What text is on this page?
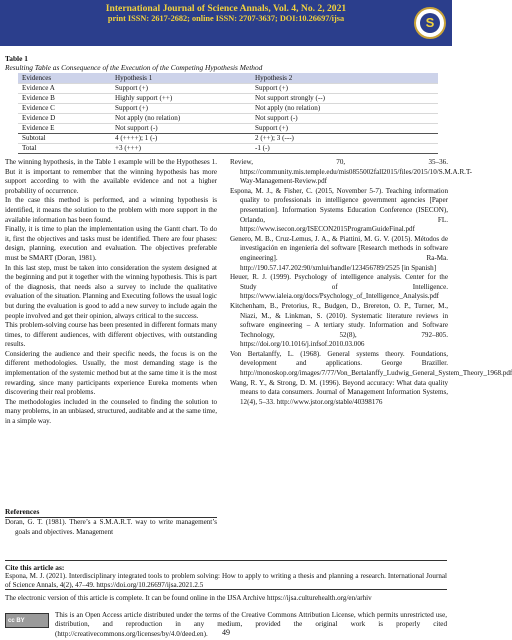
International Journal of Science Annals, Vol. 4, No. 2, 2021
print ISSN: 2617-2682; online ISSN: 2707-3637; DOI:10.26697/ijsa	S
Table 1
Resulting Table as Consequence of the Execution of the Competing Hypothesis Method
Evidences	Hypothesis 1	Hypothesis 2
Evidence A	Support (+)	Support (+)
Evidence B	Highly support (++)	Not support strongly (--)
Evidence C	Support (+)	Not apply (no relation)
Evidence D	Not apply (no relation)	Not support (-)
Evidence E	Not support (-)	Support (+)
Subtotal	4 (++++); 1 (-)	2 (++); 3 (---)
Total	+3 (+++)	-1 (-)

The winning hypothesis, in the Table 1 example will be the Hypotheses 1. But it is important to remember that the winning hypothesis has more support according to with the available evidence and not a higher probability of occurrence.

In the case this method is performed, and a winning hypothesis is identified, it means the solution to the problem with more support in the available information has been found.

Finally, it is time to plan the implementation using the Gantt chart. To do it, first the objectives and tasks must be identified. There are four phases: design, planning, execution and evaluation. The objectives preferable must be SMART (Doran, 1981).

In this last step, must be taken into consideration the system designed at the beginning and put it together with the winning hypothesis. This is part of the diagnosis, that needs also a survey to include the qualitative evaluation of the situation. Planning and Executing follows the usual logic but during the evaluation is good to add a new survey to include again the people involved and get their opinion, always critical to the success.

This problem-solving course has been presented in different formats many times, to different audiences, with different objectives, with outstanding results.

Considering the audience and their specific needs, the focus is on the different methodologies. Usually, the most demanding stage is the implementation of the systemic method but at the same time it is the most rewarding, since many participants experience Eureka moments when discovering their real problems.

The methodologies included in the counseled to finding the solution to many problems, in an unbiased, structured, auditable and at the same time, in a simple way.

References
Doran, G. T. (1981). There’s a S.M.A.R.T. way to write management’s goals and objectives. Management
Review, 70, 35–36. https://community.mis.temple.edu/mis0855002fall2015/files/2015/10/S.M.A.R.T-Way-Management-Review.pdf
Esponа, M. J., & Fisher, C. (2015, November 5-7). Teaching information quality to professionals in intelligence government agencies [Paper presentation]. Information Systems Education Conference (ISECON), Orlando, FL. https://www.isecon.org/ISECON2015ProgramGuideFinal.pdf
Genero, M. B., Cruz-Lemus, J. A., & Piattini, M. G. V. (2015). Métodos de investigación en ingeniería del software [Research methods in software engineering]. Ra-Ma. http://190.57.147.202:90/xmlui/handle/123456789/2525 [in Spanish]
Heuer, R. J. (1999). Psychology of intelligence analysis. Center for the Study of Intelligence. https://www.ialeia.org/docs/Psychology_of_Intelligence_Analysis.pdf
Kitchenham, B., Pretorius, R., Budgen, D., Brereton, O. P., Turner, M., Niazi, M., & Linkman, S. (2010). Systematic literature reviews in software engineering – A tertiary study. Information and Software Technology, 52(8), 792–805. https://doi.org/10.1016/j.infsof.2010.03.006
Von Bertalanffy, L. (1968). General systems theory. Foundations, development and applications. George Braziller. http://monoskop.org/images/7/77/Von_Bertalanffy_Ludwig_General_System_Theory_1968.pdf
Wang, R. Y., & Strong, D. M. (1996). Beyond accuracy: What data quality means to data consumers. Journal of Management Information Systems, 12(4), 5–33. http://www.jstor.org/stable/40398176
Cite this article as:
Esponа, M. J. (2021). Interdisciplinary integrated tools to problem solving: How to apply to writing a thesis and planning a research. International Journal of Science Annals, 4(2), 47–49. https://doi.org/10.26697/ijsa.2021.2.5
The electronic version of this article is complete. It can be found online in the IJSA Archive https://ijsa.culturehealth.org/en/arhiv
cc BY
This is an Open Access article distributed under the terms of the Creative Commons Attribution License, which permits unrestricted use, distribution, and reproduction in any medium, provided the original work is properly cited (http://creativecommons.org/licenses/by/4.0/deed.en).	49
